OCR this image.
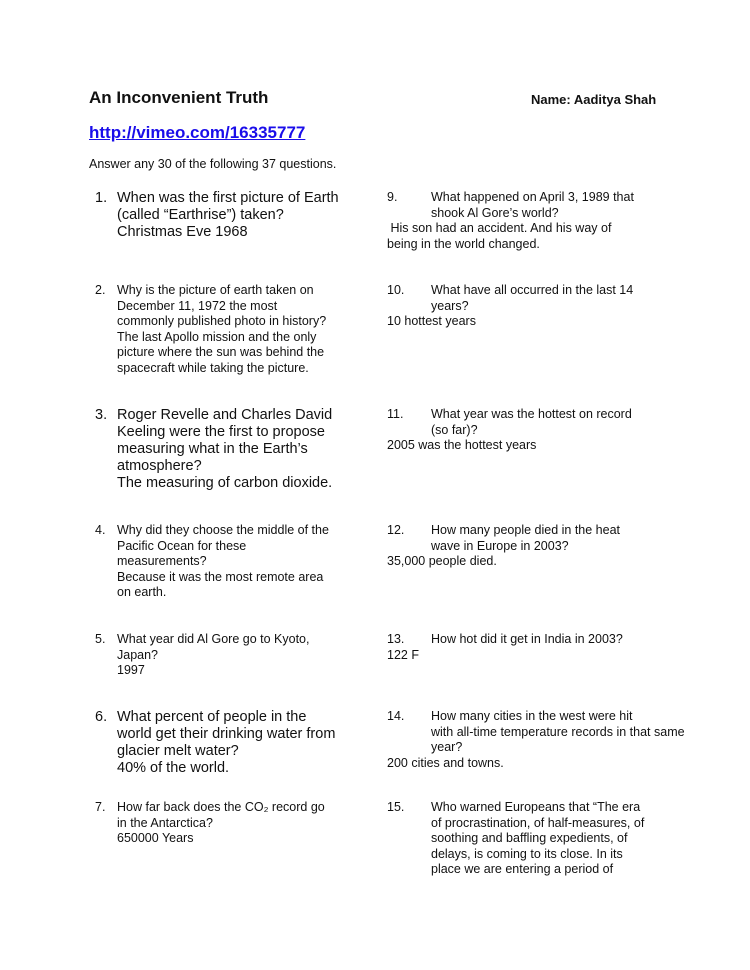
An Inconvenient Truth	Name: Aaditya Shah
http://vimeo.com/16335777
Answer any 30 of the following 37 questions.
1. When was the first picture of Earth
(called “Earthrise”) taken?
Christmas Eve 1968
2. Why is the picture of earth taken on
December 11, 1972 the most
commonly published photo in history?
The last Apollo mission and the only
picture where the sun was behind the
spacecraft while taking the picture.
3. Roger Revelle and Charles David
Keeling were the first to propose
measuring what in the Earth’s
atmosphere?
The measuring of carbon dioxide.
4. Why did they choose the middle of the
Pacific Ocean for these
measurements?
Because it was the most remote area
on earth.
5. What year did Al Gore go to Kyoto,
Japan?
1997
6. What percent of people in the
world get their drinking water from
glacier melt water?
40% of the world.
7. How far back does the CO₂ record go
in the Antarctica?
650000 Years
9.	What happened on April 3, 1989 that
shook Al Gore’s world?
His son had an accident. And his way of
being in the world changed.
10. What have all occurred in the last 14
years?
10 hottest years
11. What year was the hottest on record
(so far)?
2005 was the hottest years
12. How many people died in the heat
wave in Europe in 2003?
35,000 people died.
13. How hot did it get in India in 2003?
122 F
14. How many cities in the west were hit
with all-time temperature records in that same
year?
200 cities and towns.
15. Who warned Europeans that “The era
of procrastination, of half-measures, of
soothing and baffling expedients, of
delays, is coming to its close. In its
place we are entering a period of
